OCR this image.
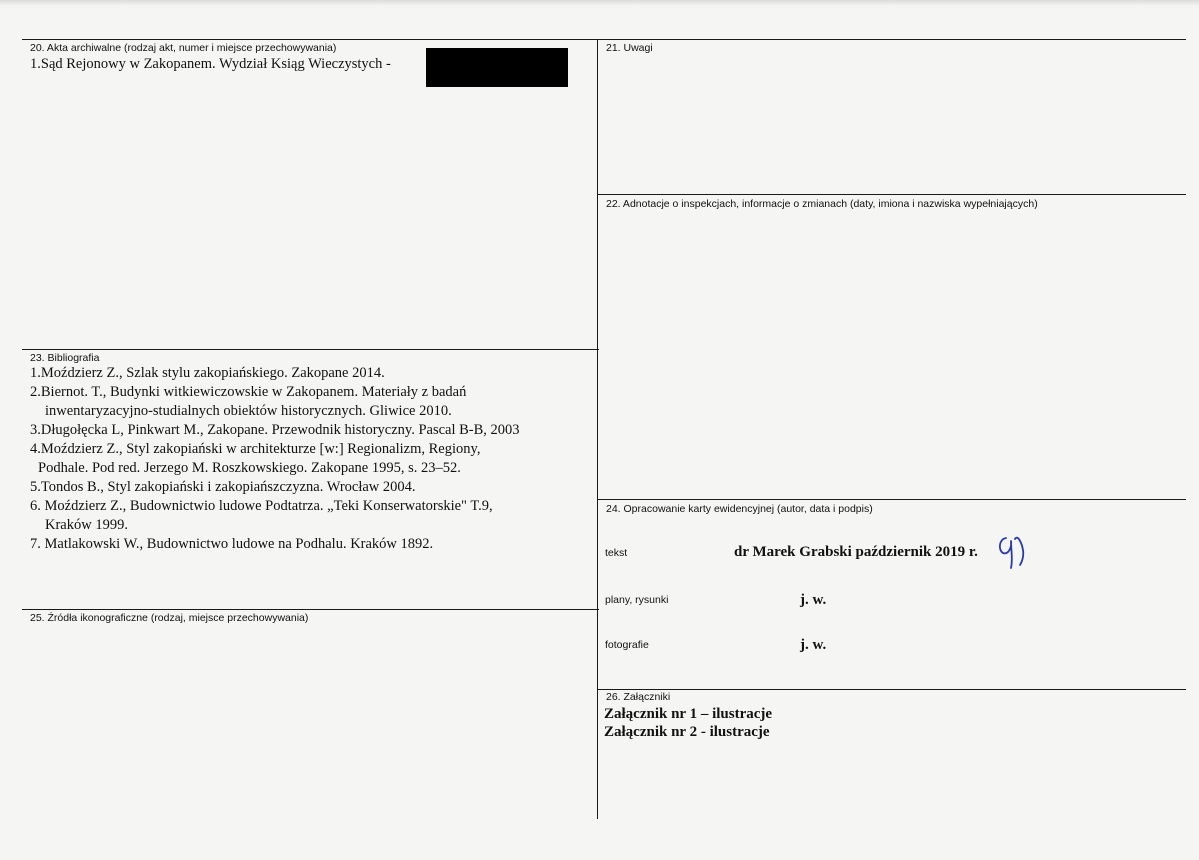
20. Akta archiwalne (rodzaj akt, numer i miejsce przechowywania)
1.Sąd Rejonowy w Zakopanem. Wydział Ksiąg Wieczystych -
21. Uwagi
22. Adnotacje o inspekcjach, informacje o zmianach (daty, imiona i nazwiska wypełniających)
23. Bibliografia
1.Moździerz Z., Szlak stylu zakopiańskiego. Zakopane 2014.
2.Biernot. T., Budynki witkiewiczowskie w Zakopanem. Materiały z badań
inwentaryzacyjno-studialnych obiektów historycznych. Gliwice 2010.
3.Długołęcka L, Pinkwart M., Zakopane. Przewodnik historyczny. Pascal B-B, 2003
4.Moździerz Z., Styl zakopiański w architekturze [w:] Regionalizm, Regiony,
Podhale. Pod red. Jerzego M. Roszkowskiego. Zakopane 1995, s. 23–52.
5.Tondos B., Styl zakopiański i zakopiańszczyzna. Wrocław 2004.
6. Moździerz Z., Budownictwio ludowe Podtatrza. „Teki Konserwatorskie" T.9,
Kraków 1999.
7. Matlakowski W., Budownictwo ludowe na Podhalu. Kraków 1892.
24. Opracowanie karty ewidencyjnej (autor, data i podpis)
tekst	dr Marek Grabski październik 2019 r.
plany, rysunki	j. w.
fotografie	j. w.
25. Źródła ikonograficzne (rodzaj, miejsce przechowywania)
26. Załączniki
Załącznik nr 1 – ilustracje
Załącznik nr 2 - ilustracje
